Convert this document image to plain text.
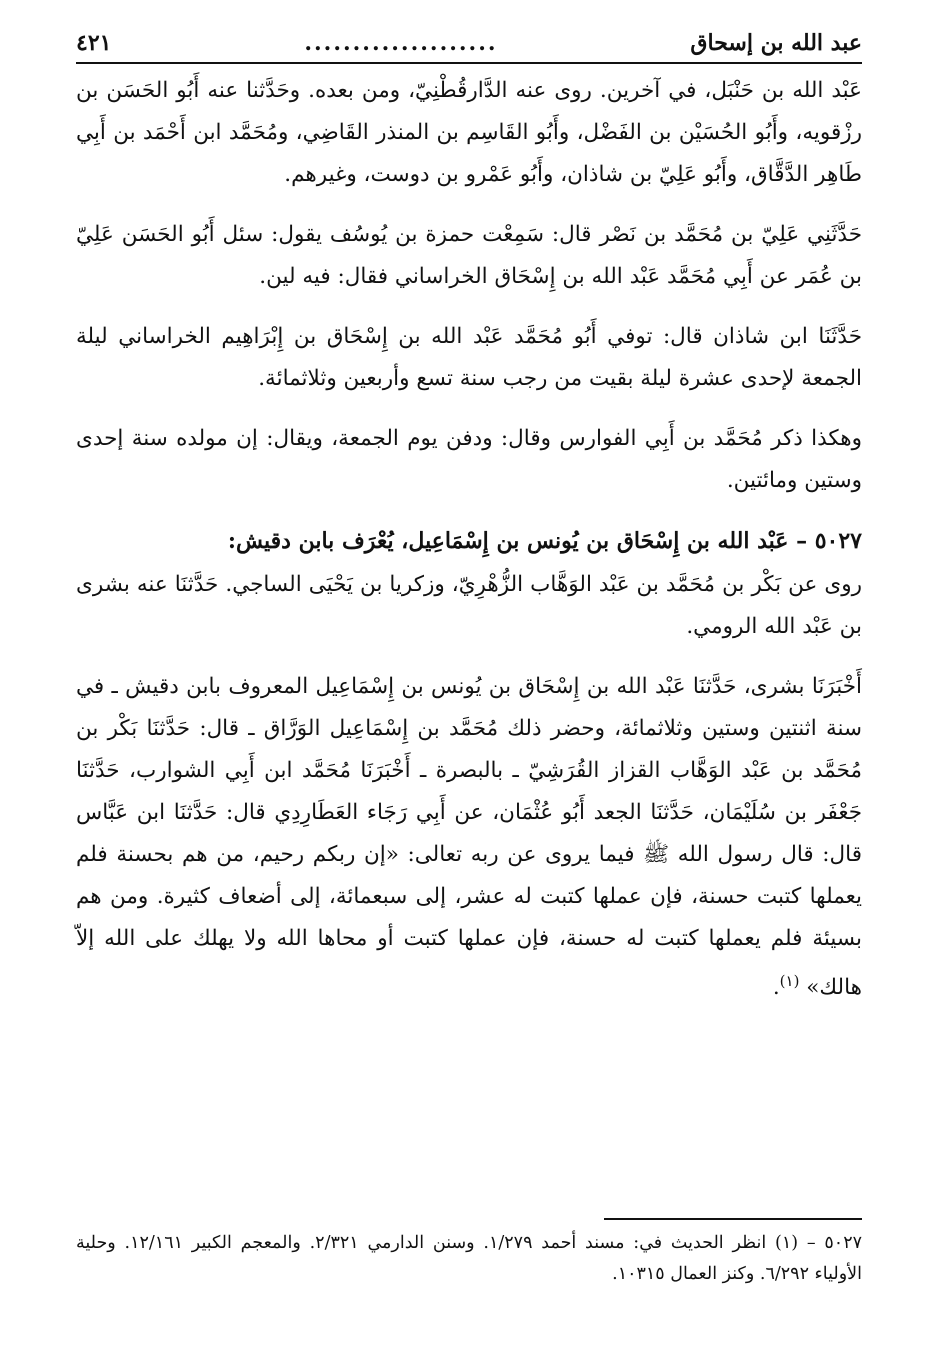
عبد الله بن إسحاق
....................
٤٢١

عَبْد الله بن حَنْبَل، في آخرين. روى عنه الدَّارقُطْنِيّ، ومن بعده. وحَدَّثنا عنه أَبُو الحَسَن بن رزْقويه، وأَبُو الحُسَيْن بن الفَضْل، وأَبُو القَاسِم بن المنذر القَاضِي، ومُحَمَّد ابن أَحْمَد بن أَبِي طَاهِر الدَّقَّاق، وأَبُو عَلِيّ بن شاذان، وأَبُو عَمْرو بن دوست، وغيرهم.

حَدَّثَنِي عَلِيّ بن مُحَمَّد بن نَصْر قال: سَمِعْت حمزة بن يُوسُف يقول: سئل أَبُو الحَسَن عَلِيّ بن عُمَر عن أَبِي مُحَمَّد عَبْد الله بن إِسْحَاق الخراساني فقال: فيه لين.

حَدَّثَنَا ابن شاذان قال: توفي أَبُو مُحَمَّد عَبْد الله بن إِسْحَاق بن إِبْرَاهِيم الخراساني ليلة الجمعة لإحدى عشرة ليلة بقيت من رجب سنة تسع وأربعين وثلاثمائة.

وهكذا ذكر مُحَمَّد بن أَبِي الفوارس وقال: ودفن يوم الجمعة، ويقال: إن مولده سنة إحدى وستين ومائتين.

٥٠٢٧ – عَبْد الله بن إِسْحَاق بن يُونس بن إِسْمَاعِيل، يُعْرَف بابن دقيش:

روى عن بَكْر بن مُحَمَّد بن عَبْد الوَهَّاب الزُّهْرِيّ، وزكريا بن يَحْيَى الساجي. حَدَّثنَا عنه بشرى بن عَبْد الله الرومي.

أَخْبَرَنَا بشرى، حَدَّثنَا عَبْد الله بن إِسْحَاق بن يُونس بن إِسْمَاعِيل المعروف بابن دقيش ـ في سنة اثنتين وستين وثلاثمائة، وحضر ذلك مُحَمَّد بن إِسْمَاعِيل الوَرَّاق ـ قال: حَدَّثنَا بَكْر بن مُحَمَّد بن عَبْد الوَهَّاب القزاز القُرَشِيّ ـ بالبصرة ـ أَخْبَرَنَا مُحَمَّد ابن أَبِي الشوارب، حَدَّثنَا جَعْفَر بن سُلَيْمَان، حَدَّثنَا الجعد أَبُو عُثْمَان، عن أَبِي رَجَاء العَطَارِدِي قال: حَدَّثنَا ابن عَبَّاس قال: قال رسول الله ﷺ فيما يروى عن ربه تعالى: «إن ربكم رحيم، من هم بحسنة فلم يعملها كتبت حسنة، فإن عملها كتبت له عشر، إلى سبعمائة، إلى أضعاف كثيرة. ومن هم بسيئة فلم يعملها كتبت له حسنة، فإن عملها كتبت أو محاها الله ولا يهلك على الله إلاّ هالك» $^{(١)}$.

٥٠٢٧ – (١) انظر الحديث في: مسند أحمد ١/٢٧٩. وسنن الدارمي ٢/٣٢١. والمعجم الكبير ١٢/١٦١. وحلية الأولياء ٦/٢٩٢. وكنز العمال ١٠٣١٥.
